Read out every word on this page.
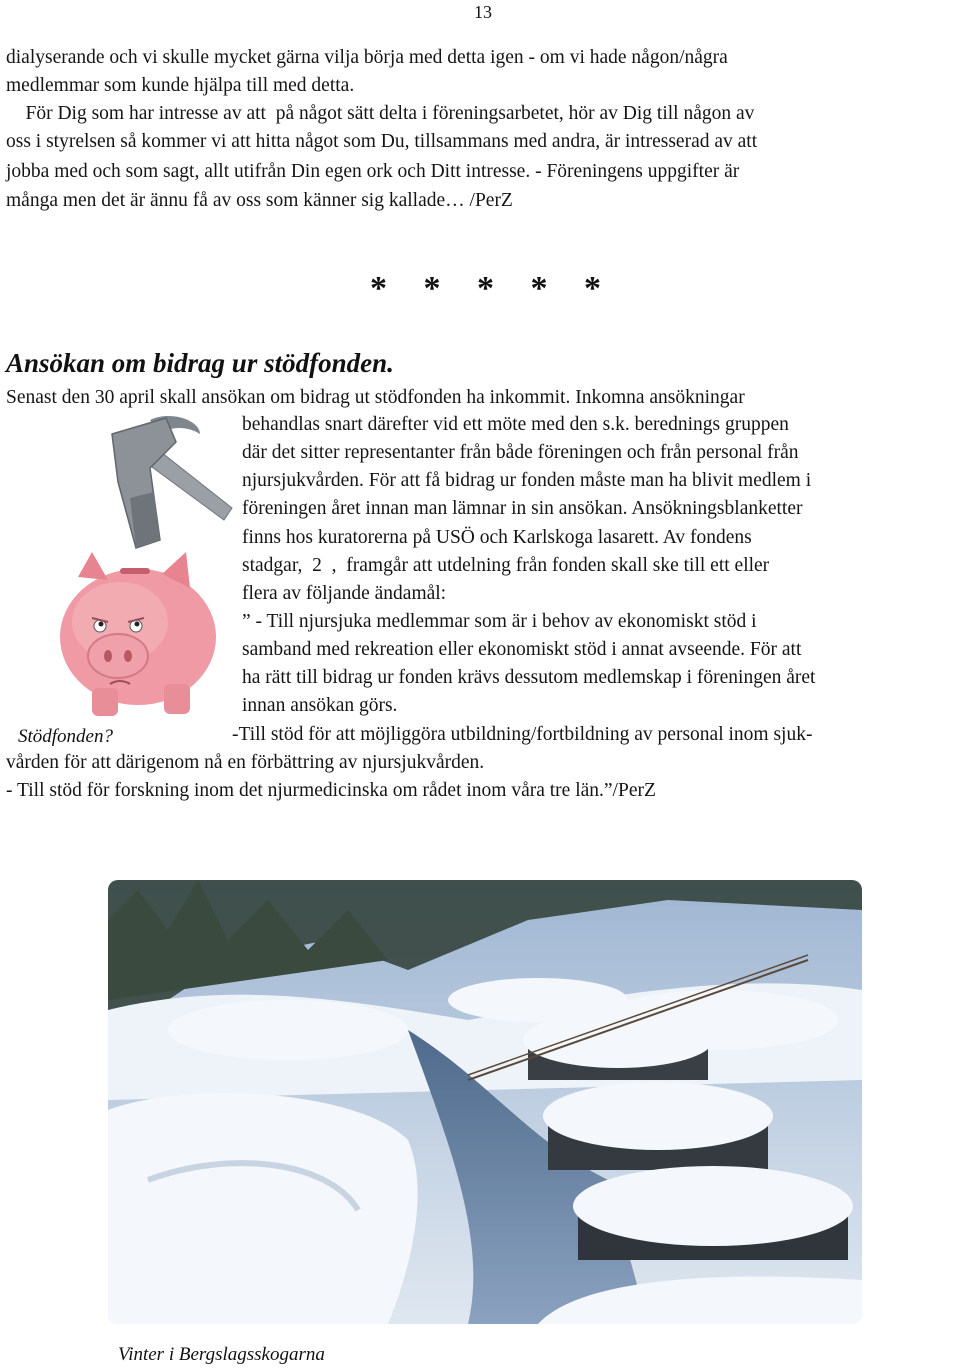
13
dialyserande och vi skulle mycket gärna vilja börja med detta igen - om vi hade någon/några
medlemmar som kunde hjälpa till med detta.
För Dig som har intresse av att  på något sätt delta i föreningsarbetet, hör av Dig till någon av
oss i styrelsen så kommer vi att hitta något som Du, tillsammans med andra, är intresserad av att
jobba med och som sagt, allt utifrån Din egen ork och Ditt intresse. - Föreningens uppgifter är
många men det är ännu få av oss som känner sig kallade… /PerZ
* * * * *
Ansökan om bidrag ur stödfonden.
Senast den 30 april skall ansökan om bidrag ut stödfonden ha inkommit. Inkomna ansökningar
behandlas snart därefter vid ett möte med den s.k. berednings gruppen
där det sitter representanter från både föreningen och från personal från
njursjukvården. För att få bidrag ur fonden måste man ha blivit medlem i
föreningen året innan man lämnar in sin ansökan. Ansökningsblanketter
finns hos kuratorerna på USÖ och Karlskoga lasarett. Av fondens
stadgar,  2  ,  framgår att utdelning från fonden skall ske till ett eller
flera av följande ändamål:
” - Till njursjuka medlemmar som är i behov av ekonomiskt stöd i
samband med rekreation eller ekonomiskt stöd i annat avseende. För att
ha rätt till bidrag ur fonden krävs dessutom medlemskap i föreningen året
innan ansökan görs.
-Till stöd för att möjliggöra utbildning/fortbildning av personal inom sjuk-
vården för att därigenom nå en förbättring av njursjukvården.
- Till stöd för forskning inom det njurmedicinska om rådet inom våra tre län.”/PerZ
Stödfonden?
Vinter i Bergslagsskogarna
